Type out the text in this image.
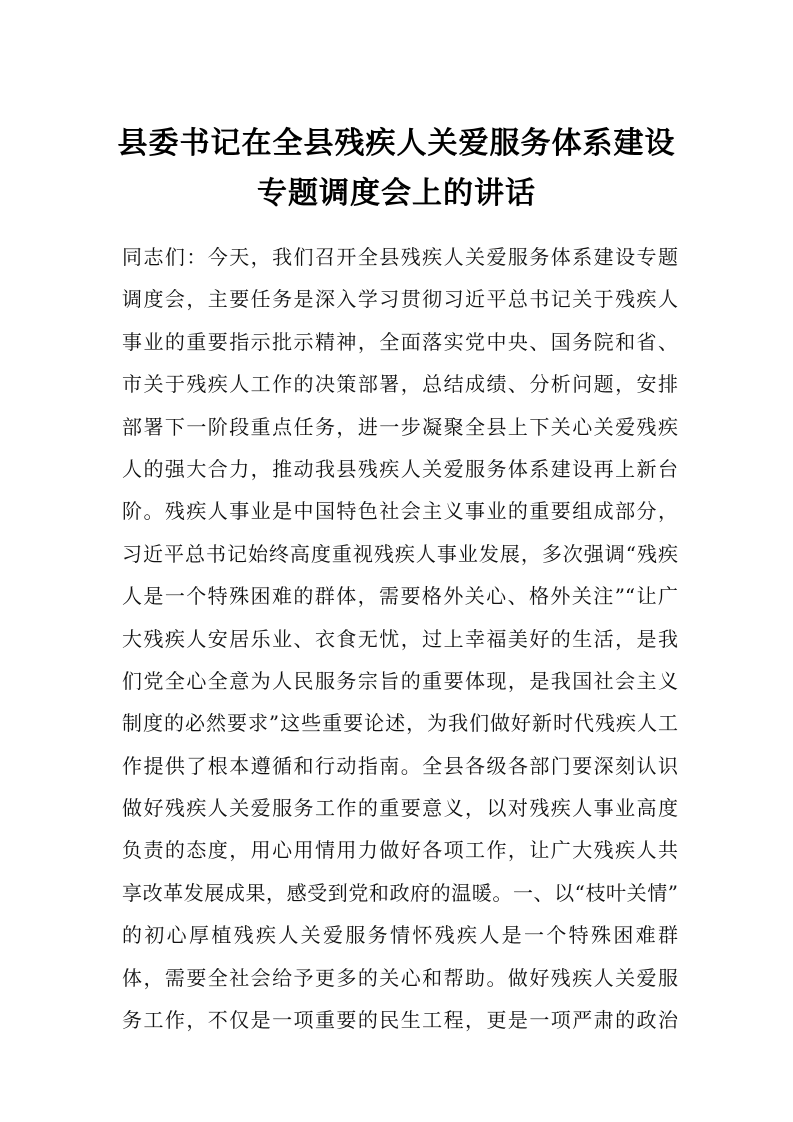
县委书记在全县残疾人关爱服务体系建设
专题调度会上的讲话
同志们：今天，我们召开全县残疾人关爱服务体系建设专题
调度会，主要任务是深入学习贯彻习近平总书记关于残疾人
事业的重要指示批示精神，全面落实党中央、国务院和省、
市关于残疾人工作的决策部署，总结成绩、分析问题，安排
部署下一阶段重点任务，进一步凝聚全县上下关心关爱残疾
人的强大合力，推动我县残疾人关爱服务体系建设再上新台
阶。残疾人事业是中国特色社会主义事业的重要组成部分，
习近平总书记始终高度重视残疾人事业发展，多次强调“残疾
人是一个特殊困难的群体，需要格外关心、格外关注”“让广
大残疾人安居乐业、衣食无忧，过上幸福美好的生活，是我
们党全心全意为人民服务宗旨的重要体现，是我国社会主义
制度的必然要求”这些重要论述，为我们做好新时代残疾人工
作提供了根本遵循和行动指南。全县各级各部门要深刻认识
做好残疾人关爱服务工作的重要意义，以对残疾人事业高度
负责的态度，用心用情用力做好各项工作，让广大残疾人共
享改革发展成果，感受到党和政府的温暖。一、以“枝叶关情”
的初心厚植残疾人关爱服务情怀残疾人是一个特殊困难群
体，需要全社会给予更多的关心和帮助。做好残疾人关爱服
务工作，不仅是一项重要的民生工程，更是一项严肃的政治
